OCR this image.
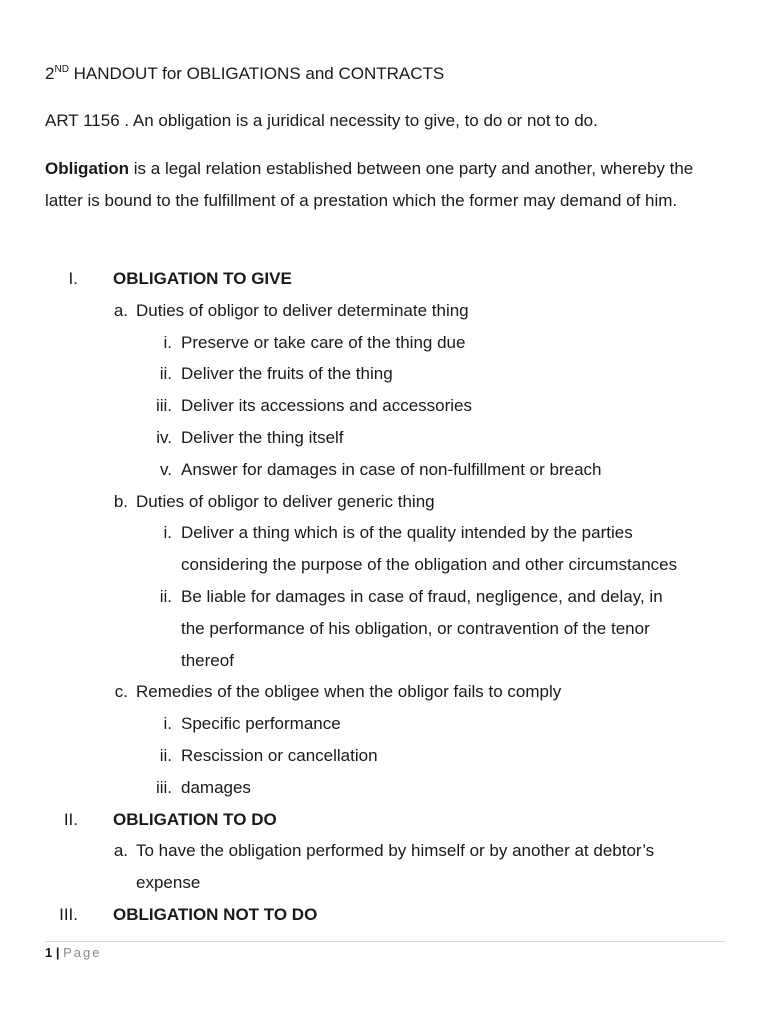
2ND HANDOUT for OBLIGATIONS and CONTRACTS

ART 1156 . An obligation is a juridical necessity to give, to do or not to do.

Obligation is a legal relation established between one party and another, whereby the latter is bound to the fulfillment of a prestation which the former may demand of him.

I. OBLIGATION TO GIVE
a. Duties of obligor to deliver determinate thing
i. Preserve or take care of the thing due
ii. Deliver the fruits of the thing
iii. Deliver its accessions and accessories
iv. Deliver the thing itself
v. Answer for damages in case of non-fulfillment or breach
b. Duties of obligor to deliver generic thing
i. Deliver a thing which is of the quality intended by the parties
considering the purpose of the obligation and other circumstances
ii. Be liable for damages in case of fraud, negligence, and delay, in
the performance of his obligation, or contravention of the tenor
thereof
c. Remedies of the obligee when the obligor fails to comply
i. Specific performance
ii. Rescission or cancellation
iii. damages
II. OBLIGATION TO DO
a. To have the obligation performed by himself or by another at debtor’s
expense
III. OBLIGATION NOT TO DO
1 | Page
